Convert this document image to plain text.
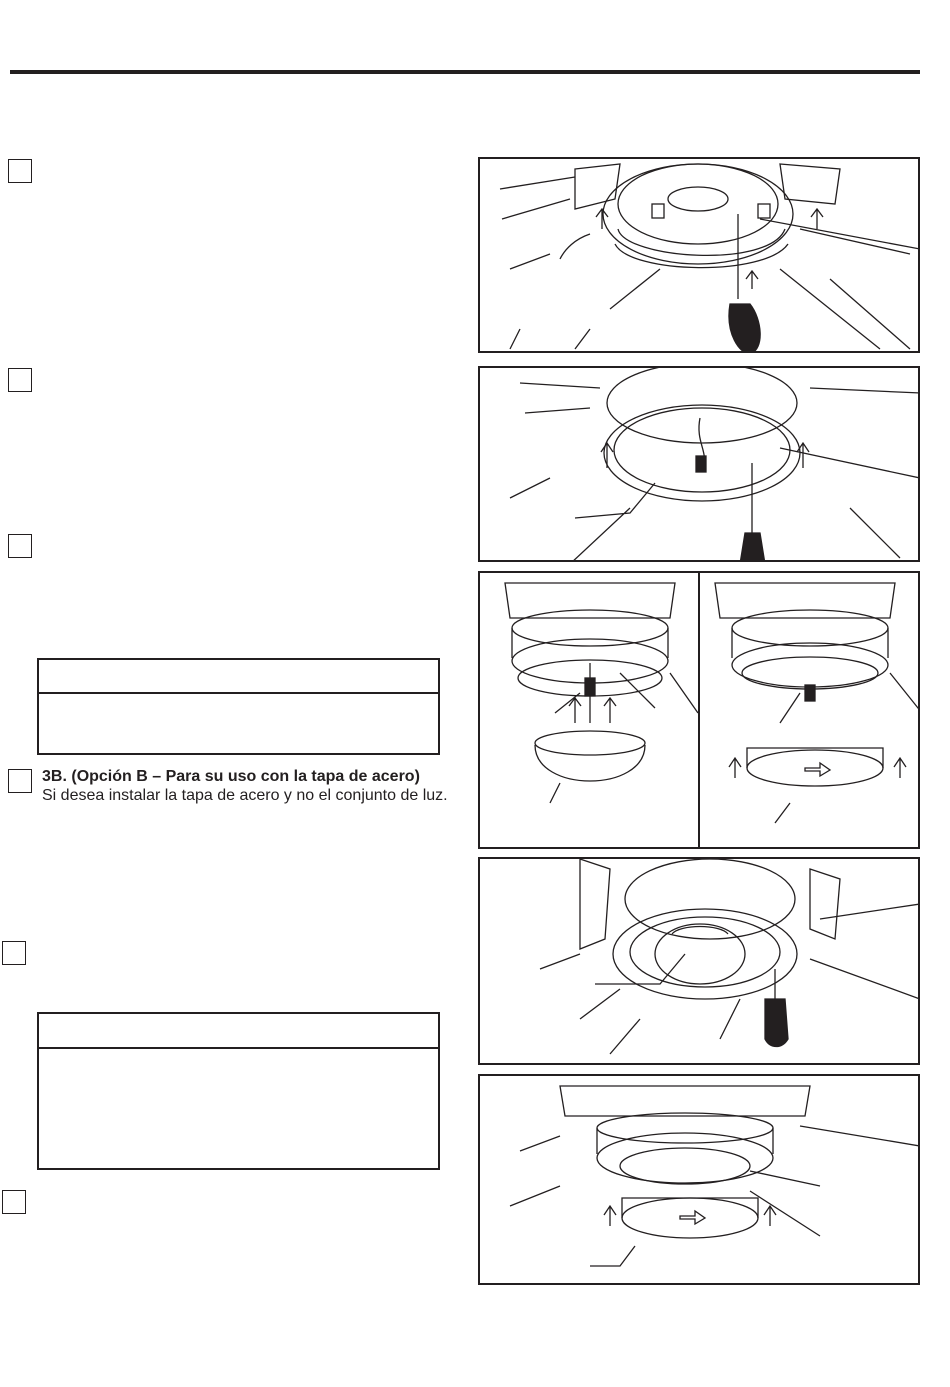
3B. (Opción B – Para su uso con la tapa de acero)
Si desea instalar la tapa de acero y no el conjunto de luz.
